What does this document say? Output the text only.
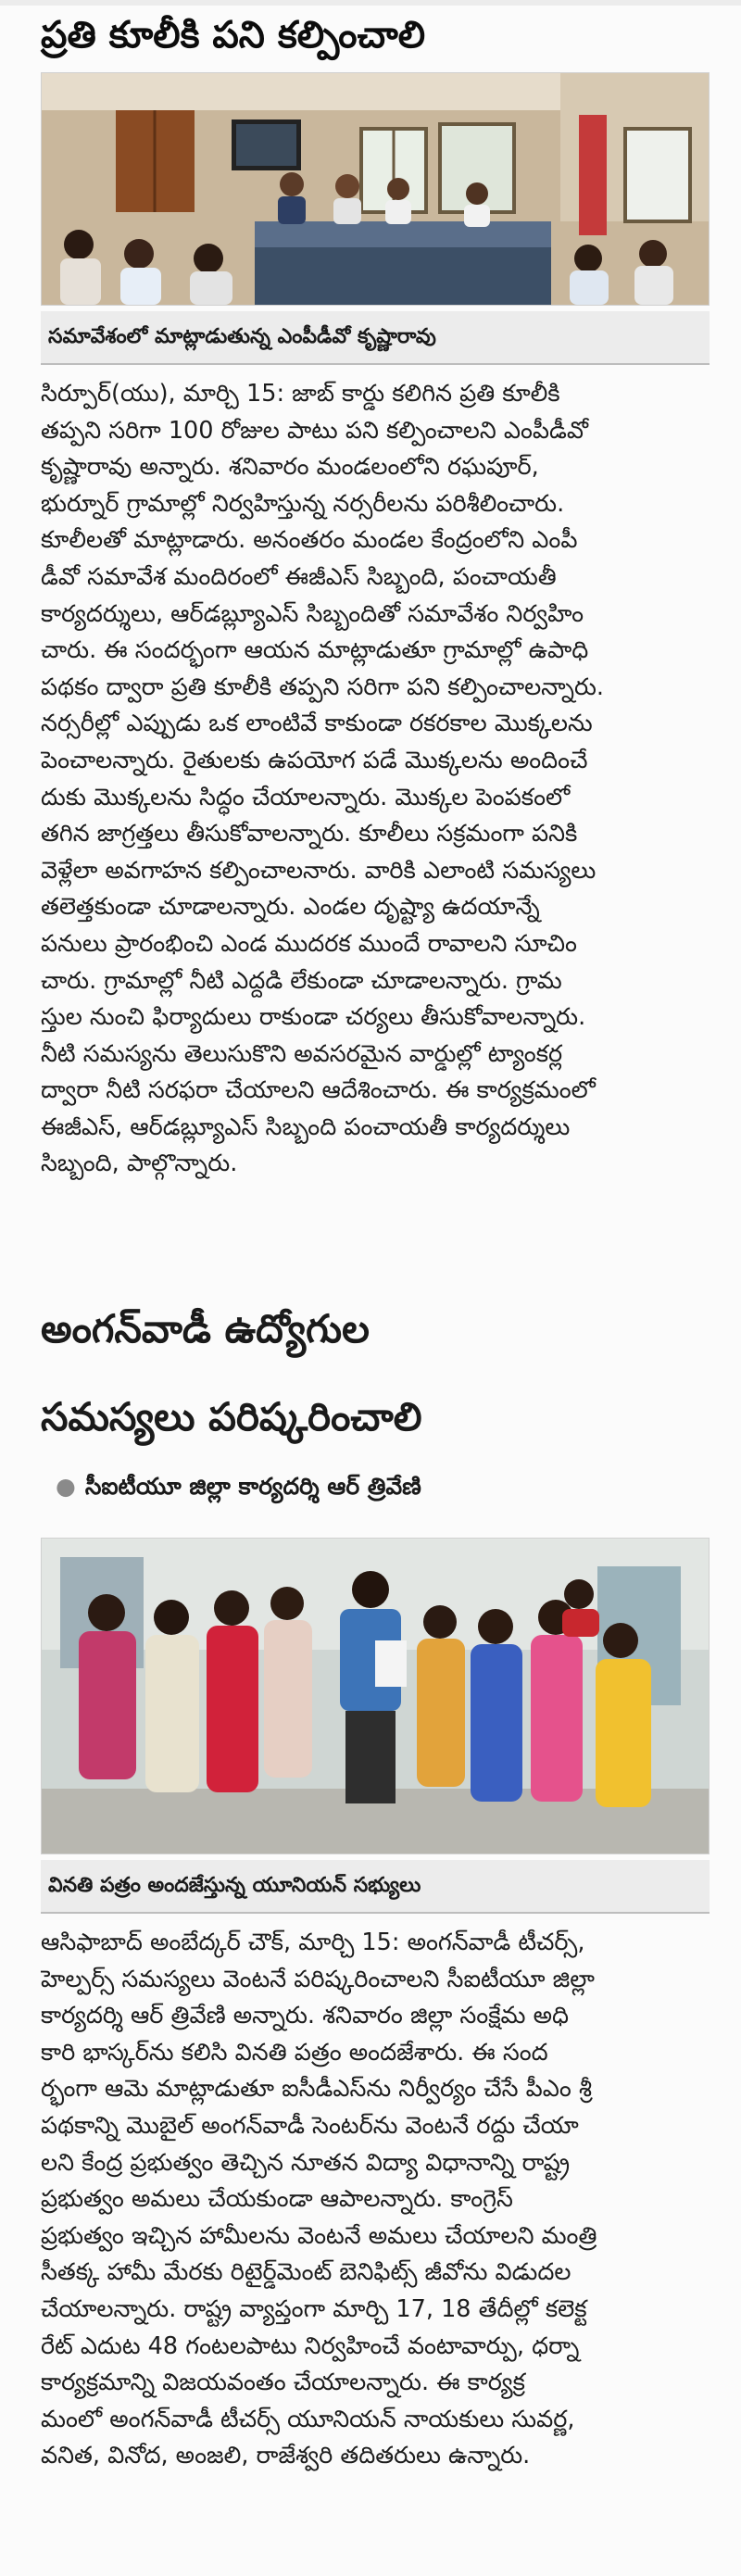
ప్రతి కూలీకి పని కల్పించాలి
సమావేశంలో మాట్లాడుతున్న ఎంపీడీవో కృష్ణారావు
సిర్పూర్(యు), మార్చి 15: జాబ్ కార్డు కలిగిన ప్రతి కూలీకి
తప్పని సరిగా 100 రోజుల పాటు పని కల్పించాలని ఎంపీడీవో
కృష్ణారావు అన్నారు. శనివారం మండలంలోని రఘపూర్,
భుర్నూర్ గ్రామాల్లో నిర్వహిస్తున్న నర్సరీలను పరిశీలించారు.
కూలీలతో మాట్లాడారు. అనంతరం మండల కేంద్రంలోని ఎంపీ
డీవో సమావేశ మందిరంలో ఈజీఎస్ సిబ్బంది, పంచాయతీ
కార్యదర్శులు, ఆర్‌డబ్ల్యూఎస్ సిబ్బందితో సమావేశం నిర్వహిం
చారు. ఈ సందర్భంగా ఆయన మాట్లాడుతూ గ్రామాల్లో ఉపాధి
పథకం ద్వారా ప్రతి కూలీకి తప్పని సరిగా పని కల్పించాలన్నారు.
నర్సరీల్లో ఎప్పుడు ఒక లాంటివే కాకుండా రకరకాల మొక్కలను
పెంచాలన్నారు. రైతులకు ఉపయోగ పడే మొక్కలను అందించే
దుకు మొక్కలను సిద్ధం చేయాలన్నారు. మొక్కల పెంపకంలో
తగిన జాగ్రత్తలు తీసుకోవాలన్నారు. కూలీలు సక్రమంగా పనికి
వెళ్లేలా అవగాహన కల్పించాలనారు. వారికి ఎలాంటి సమస్యలు
తలెత్తకుండా చూడాలన్నారు. ఎండల దృష్ట్యా ఉదయాన్నే
పనులు ప్రారంభించి ఎండ ముదరక ముందే రావాలని సూచిం
చారు. గ్రామాల్లో నీటి ఎద్దడి లేకుండా చూడాలన్నారు. గ్రామ
స్తుల నుంచి ఫిర్యాదులు రాకుండా చర్యలు తీసుకోవాలన్నారు.
నీటి సమస్యను తెలుసుకొని అవసరమైన వార్డుల్లో ట్యాంకర్ల
ద్వారా నీటి సరఫరా చేయాలని ఆదేశించారు. ఈ కార్యక్రమంలో
ఈజీఎస్, ఆర్‌డబ్ల్యూఎస్ సిబ్బంది పంచాయతీ కార్యదర్శులు
సిబ్బంది, పాల్గొన్నారు.
అంగన్‌వాడీ ఉద్యోగుల
సమస్యలు పరిష్కరించాలి
● సీఐటీయూ జిల్లా కార్యదర్శి ఆర్ త్రివేణి
వినతి పత్రం అందజేస్తున్న యూనియన్ సభ్యులు
ఆసిఫాబాద్ అంబేద్కర్ చౌక్, మార్చి 15: అంగన్‌వాడీ టీచర్స్,
హెల్పర్స్ సమస్యలు వెంటనే పరిష్కరించాలని సీఐటీయూ జిల్లా
కార్యదర్శి ఆర్ త్రివేణి అన్నారు. శనివారం జిల్లా సంక్షేమ అధి
కారి భాస్కర్‌ను కలిసి వినతి పత్రం అందజేశారు. ఈ సంద
ర్భంగా ఆమె మాట్లాడుతూ ఐసీడీఎస్‌ను నిర్వీర్యం చేసే పీఎం శ్రీ
పథకాన్ని మొబైల్ అంగన్‌వాడీ సెంటర్‌ను వెంటనే రద్దు చేయా
లని కేంద్ర ప్రభుత్వం తెచ్చిన నూతన విద్యా విధానాన్ని రాష్ట్ర
ప్రభుత్వం అమలు చేయకుండా ఆపాలన్నారు. కాంగ్రెస్
ప్రభుత్వం ఇచ్చిన హామీలను వెంటనే అమలు చేయాలని మంత్రి
సీతక్క హామీ మేరకు రిటైర్డ్‌మెంట్ బెనిఫిట్స్ జీవోను విడుదల
చేయాలన్నారు. రాష్ట్ర వ్యాప్తంగా మార్చి 17, 18 తేదీల్లో కలెక్ట
రేట్ ఎదుట 48 గంటలపాటు నిర్వహించే వంటావార్పు, ధర్నా
కార్యక్రమాన్ని విజయవంతం చేయాలన్నారు. ఈ కార్యక్ర
మంలో అంగన్‌వాడీ టీచర్స్ యూనియన్ నాయకులు సువర్ణ,
వనిత, వినోద, అంజలి, రాజేశ్వరి తదితరులు ఉన్నారు.
